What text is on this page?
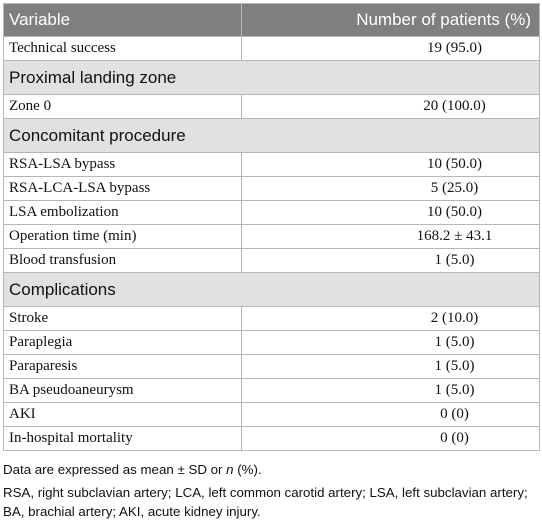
Variable	Number of patients (%)
Technical success	19 (95.0)
Proximal landing zone	
Zone 0	20 (100.0)
Concomitant procedure	
RSA-LSA bypass	10 (50.0)
RSA-LCA-LSA bypass	5 (25.0)
LSA embolization	10 (50.0)
Operation time (min)	168.2 ± 43.1
Blood transfusion	1 (5.0)
Complications	
Stroke	2 (10.0)
Paraplegia	1 (5.0)
Paraparesis	1 (5.0)
BA pseudoaneurysm	1 (5.0)
AKI	0 (0)
In-hospital mortality	0 (0)

Data are expressed as mean ± SD or n (%).

RSA, right subclavian artery; LCA, left common carotid artery; LSA, left subclavian artery; BA, brachial artery; AKI, acute kidney injury.
